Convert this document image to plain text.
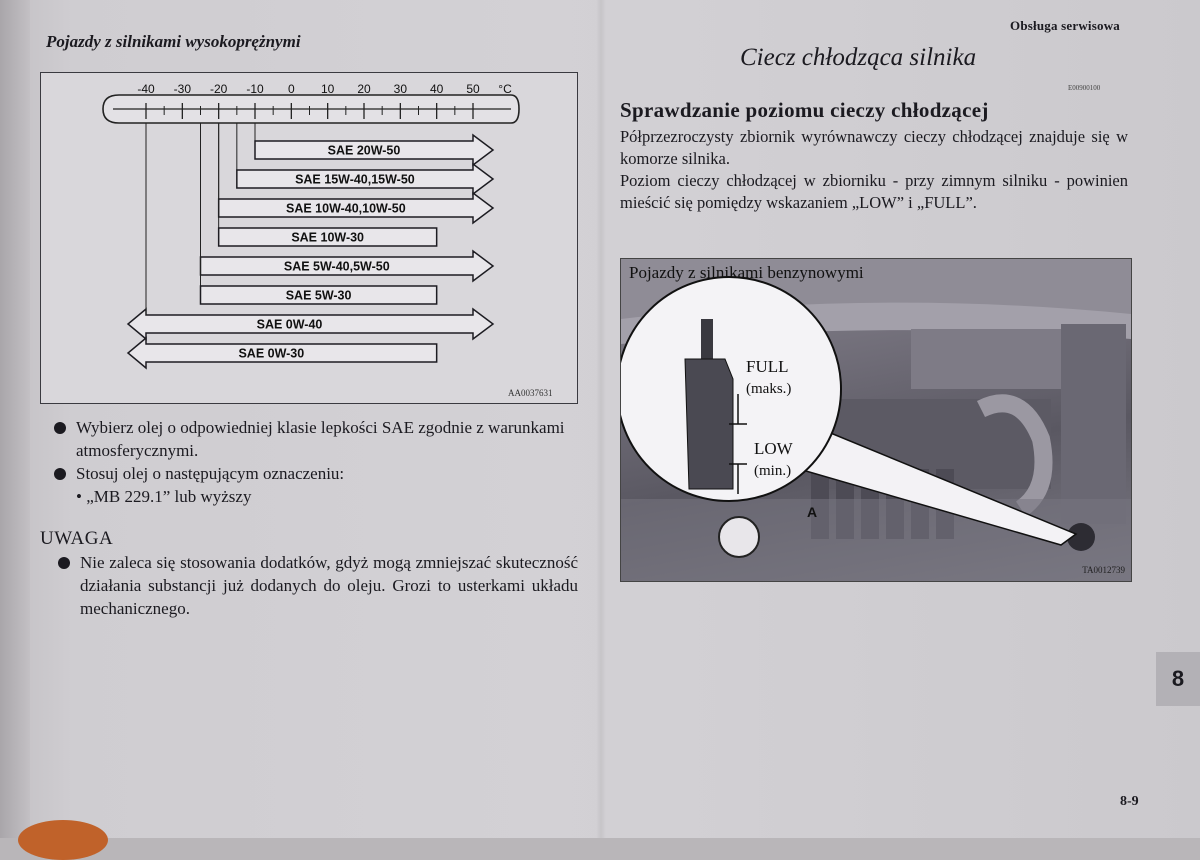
Obsługa serwisowa
Pojazdy z silnikami wysokoprężnymi
Ciecz chłodząca silnika
E00900100
-40 -30 -20 -10 0 10 20 30 40 50 °C
SAE 20W-50
SAE 15W-40,15W-50
SAE 10W-40,10W-50
SAE 10W-30
SAE 5W-40,5W-50
SAE 5W-30
SAE 0W-40
SAE 0W-30
AA0037631
Wybierz olej o odpowiedniej klasie lepkości SAE zgodnie z warunkami atmosferycznymi.
Stosuj olej o następującym oznaczeniu:
• „MB 229.1” lub wyższy
UWAGA
Nie zaleca się stosowania dodatków, gdyż mogą zmniejszać skuteczność działania substancji już dodanych do oleju. Grozi to usterkami układu mechanicznego.
Sprawdzanie poziomu cieczy chłodzącej
Półprzezroczysty zbiornik wyrównawczy cieczy chłodzącej znajduje się w komorze silnika.
Poziom cieczy chłodzącej w zbiorniku - przy zimnym silniku - powinien mieścić się pomiędzy wskazaniem „LOW” i „FULL”.
FULL
(maks.)
LOW
(min.)
A
Pojazdy z silnikami benzynowymi
TA0012739
8
8-9
